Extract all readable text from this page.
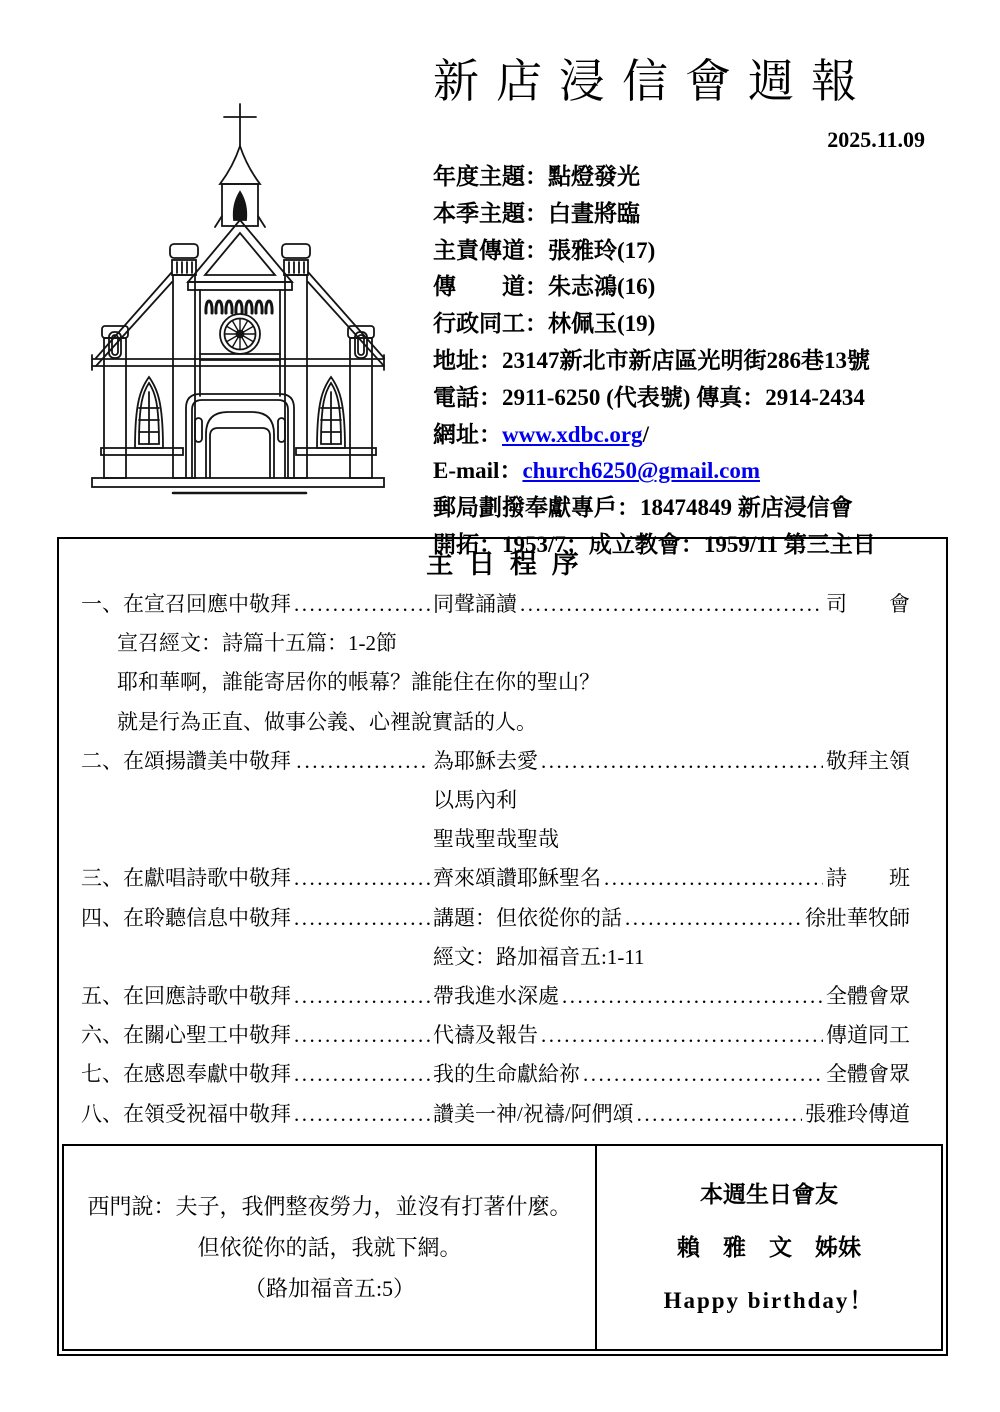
新店浸信會週報
2025.11.09
年度主題：點燈發光
本季主題：白晝將臨
主責傳道：張雅玲(17)
傳　　道：朱志鴻(16)
行政同工：林佩玉(19)
地址：23147新北市新店區光明街286巷13號
電話：2911-6250 (代表號) 傳真：2914-2434
網址：www.xdbc.org/
E-mail：church6250@gmail.com
郵局劃撥奉獻專戶：18474849 新店浸信會
開拓：1953/7；成立教會：1959/11 第三主日
主日程序
一、 在宣召回應中敬拜 .....	同聲誦讀 .....	司　　會
宣召經文：詩篇十五篇：1-2節
耶和華啊，誰能寄居你的帳幕？誰能住在你的聖山？
就是行為正直、做事公義、心裡說實話的人。
二、 在頌揚讚美中敬拜 . .....	為耶穌去愛 .....	敬拜主領
以馬內利
聖哉聖哉聖哉
三、 在獻唱詩歌中敬拜 .....	齊來頌讚耶穌聖名 .....	詩　　班
四、 在聆聽信息中敬拜 .....	講題：但依從你的話 .....	徐壯華牧師
經文：路加福音五:1-11
五、 在回應詩歌中敬拜 .....	帶我進水深處 .....	全體會眾
六、 在關心聖工中敬拜 .....	代禱及報告 .....	傳道同工
七、 在感恩奉獻中敬拜 .....	我的生命獻給祢 .....	全體會眾
八、 在領受祝福中敬拜 .....	讚美一神/祝禱/阿們頌 .....	張雅玲傳道
西門說：夫子，我們整夜勞力，並沒有打著什麼。
但依從你的話，我就下網。
（路加福音五:5）
本週生日會友
賴　雅　文　姊妹
Happy birthday！
